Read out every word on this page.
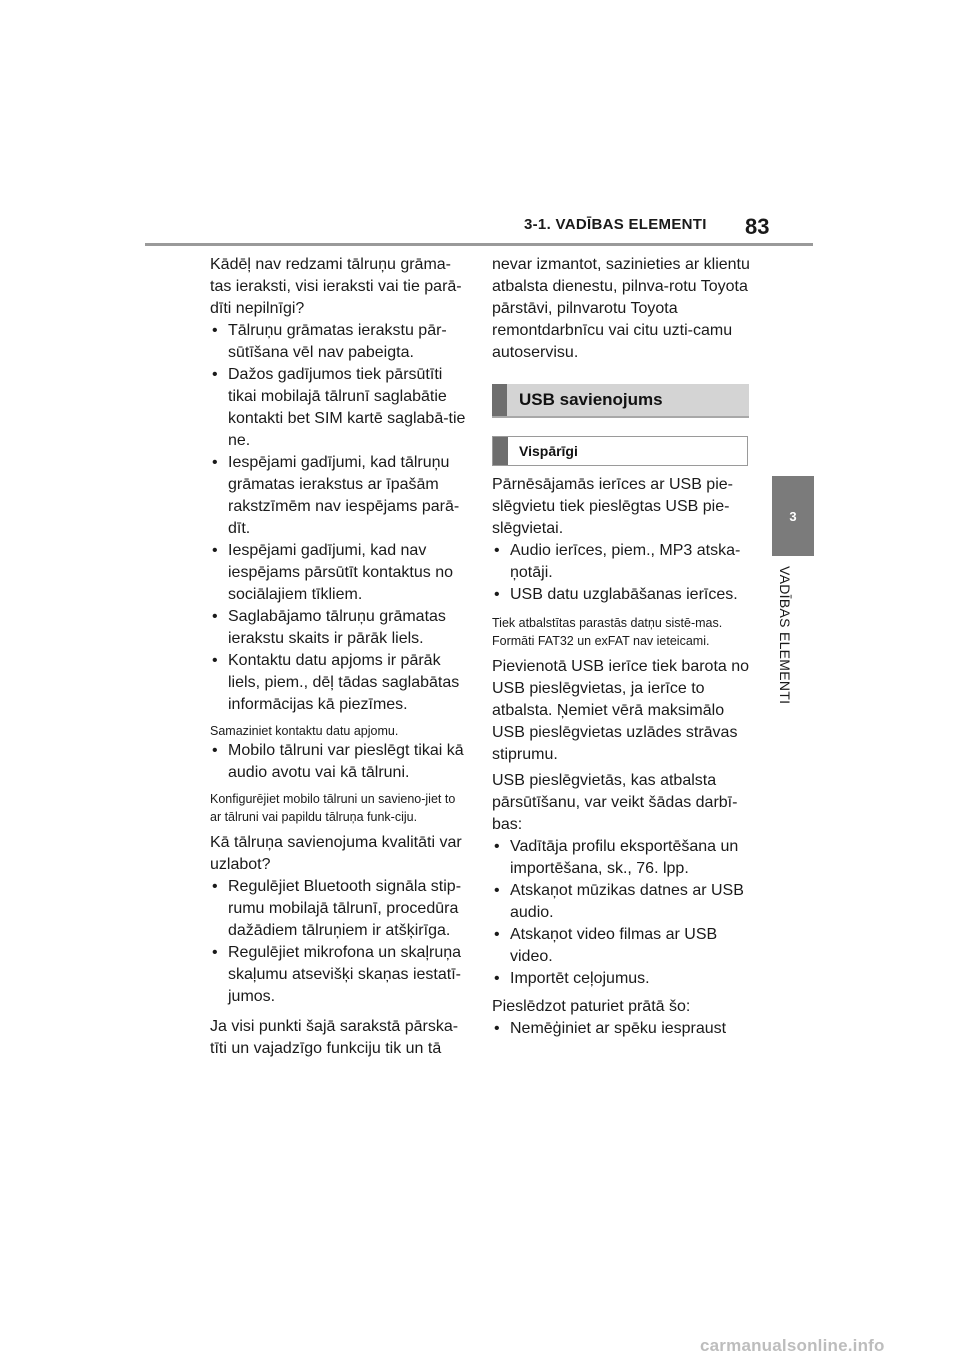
3-1. VADĪBAS ELEMENTI 83
3
VADĪBAS ELEMENTI

Kādēļ nav redzami tālruņu grāma-tas ieraksti, visi ieraksti vai tie parā-dīti nepilnīgi?

• Tālruņu grāmatas ierakstu pār-sūtīšana vēl nav pabeigta.
• Dažos gadījumos tiek pārsūtīti tikai mobilajā tālrunī saglabātie kontakti bet SIM kartē saglabā-tie ne.
• Iespējami gadījumi, kad tālruņu grāmatas ierakstus ar īpašām rakstzīmēm nav iespējams parā-dīt.
• Iespējami gadījumi, kad nav iespējams pārsūtīt kontaktus no sociālajiem tīkliem.
• Saglabājamo tālruņu grāmatas ierakstu skaits ir pārāk liels.
• Kontaktu datu apjoms ir pārāk liels, piem., dēļ tādas saglabātas informācijas kā piezīmes.

Samaziniet kontaktu datu apjomu.

• Mobilo tālruni var pieslēgt tikai kā audio avotu vai kā tālruni.

Konfigurējiet mobilo tālruni un savieno-jiet to ar tālruni vai papildu tālruņa funk-ciju.

Kā tālruņa savienojuma kvalitāti var uzlabot?

• Regulējiet Bluetooth signāla stip-rumu mobilajā tālrunī, procedūra dažādiem tālruņiem ir atšķirīga.
• Regulējiet mikrofona un skaļruņa skaļumu atsevišķi skaņas iestatī-jumos.

Ja visi punkti šajā sarakstā pārska-tīti un vajadzīgo funkciju tik un tā

nevar izmantot, sazinieties ar klientu atbalsta dienestu, pilnva-rotu Toyota pārstāvi, pilnvarotu Toyota remontdarbnīcu vai citu uzti-camu autoservisu.

USB savienojums
Vispārīgi

Pārnēsājamās ierīces ar USB pie-slēgvietu tiek pieslēgtas USB pie-slēgvietai.

• Audio ierīces, piem., MP3 atska-ņotāji.
• USB datu uzglabāšanas ierīces.

Tiek atbalstītas parastās datņu sistē-mas. Formāti FAT32 un exFAT nav ieteicami.

Pievienotā USB ierīce tiek barota no USB pieslēgvietas, ja ierīce to atbalsta. Ņemiet vērā maksimālo USB pieslēgvietas uzlādes strāvas stiprumu.

USB pieslēgvietās, kas atbalsta pārsūtīšanu, var veikt šādas darbī-bas:

• Vadītāja profilu eksportēšana un importēšana, sk., 76. lpp.
• Atskaņot mūzikas datnes ar USB audio.
• Atskaņot video filmas ar USB video.
• Importēt ceļojumus.

Pieslēdzot paturiet prātā šo:

• Nemēģiniet ar spēku iespraust
carmanualsonline.info
